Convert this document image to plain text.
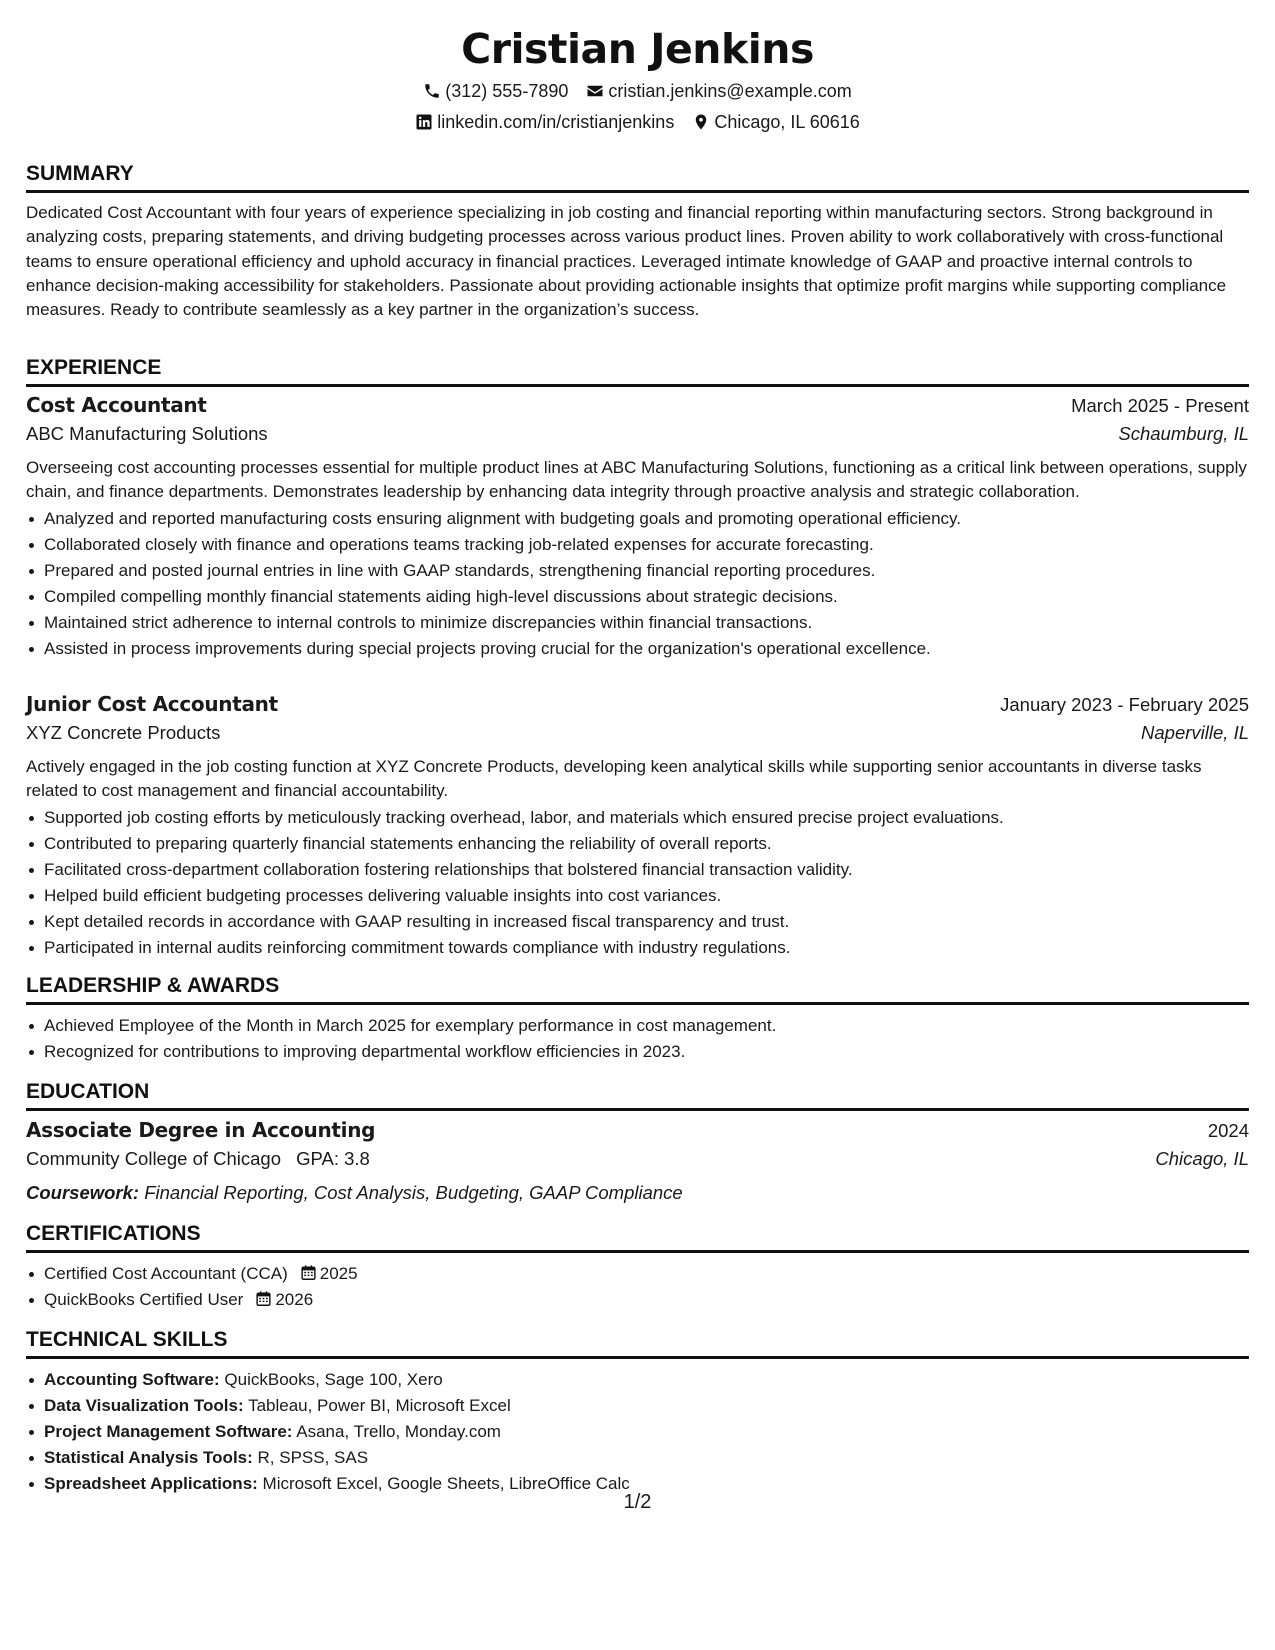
Cristian Jenkins
(312) 555-7890 cristian.jenkins@example.com
linkedin.com/in/cristianjenkins Chicago, IL 60616
SUMMARY
Dedicated Cost Accountant with four years of experience specializing in job costing and financial reporting within manufacturing sectors. Strong background in analyzing costs, preparing statements, and driving budgeting processes across various product lines. Proven ability to work collaboratively with cross-functional teams to ensure operational efficiency and uphold accuracy in financial practices. Leveraged intimate knowledge of GAAP and proactive internal controls to enhance decision-making accessibility for stakeholders. Passionate about providing actionable insights that optimize profit margins while supporting compliance measures. Ready to contribute seamlessly as a key partner in the organization’s success.
EXPERIENCE
Cost Accountant	March 2025 - Present
ABC Manufacturing Solutions	Schaumburg, IL
Overseeing cost accounting processes essential for multiple product lines at ABC Manufacturing Solutions, functioning as a critical link between operations, supply chain, and finance departments. Demonstrates leadership by enhancing data integrity through proactive analysis and strategic collaboration.
Analyzed and reported manufacturing costs ensuring alignment with budgeting goals and promoting operational efficiency.
Collaborated closely with finance and operations teams tracking job-related expenses for accurate forecasting.
Prepared and posted journal entries in line with GAAP standards, strengthening financial reporting procedures.
Compiled compelling monthly financial statements aiding high-level discussions about strategic decisions.
Maintained strict adherence to internal controls to minimize discrepancies within financial transactions.
Assisted in process improvements during special projects proving crucial for the organization's operational excellence.
Junior Cost Accountant	January 2023 - February 2025
XYZ Concrete Products	Naperville, IL
Actively engaged in the job costing function at XYZ Concrete Products, developing keen analytical skills while supporting senior accountants in diverse tasks related to cost management and financial accountability.
Supported job costing efforts by meticulously tracking overhead, labor, and materials which ensured precise project evaluations.
Contributed to preparing quarterly financial statements enhancing the reliability of overall reports.
Facilitated cross-department collaboration fostering relationships that bolstered financial transaction validity.
Helped build efficient budgeting processes delivering valuable insights into cost variances.
Kept detailed records in accordance with GAAP resulting in increased fiscal transparency and trust.
Participated in internal audits reinforcing commitment towards compliance with industry regulations.
LEADERSHIP & AWARDS
Achieved Employee of the Month in March 2025 for exemplary performance in cost management.
Recognized for contributions to improving departmental workflow efficiencies in 2023.
EDUCATION
Associate Degree in Accounting	2024
Community College of Chicago GPA: 3.8	Chicago, IL
Coursework: Financial Reporting, Cost Analysis, Budgeting, GAAP Compliance
CERTIFICATIONS
Certified Cost Accountant (CCA) 2025
QuickBooks Certified User 2026
TECHNICAL SKILLS
Accounting Software: QuickBooks, Sage 100, Xero
Data Visualization Tools: Tableau, Power BI, Microsoft Excel
Project Management Software: Asana, Trello, Monday.com
Statistical Analysis Tools: R, SPSS, SAS
Spreadsheet Applications: Microsoft Excel, Google Sheets, LibreOffice Calc
1/2
